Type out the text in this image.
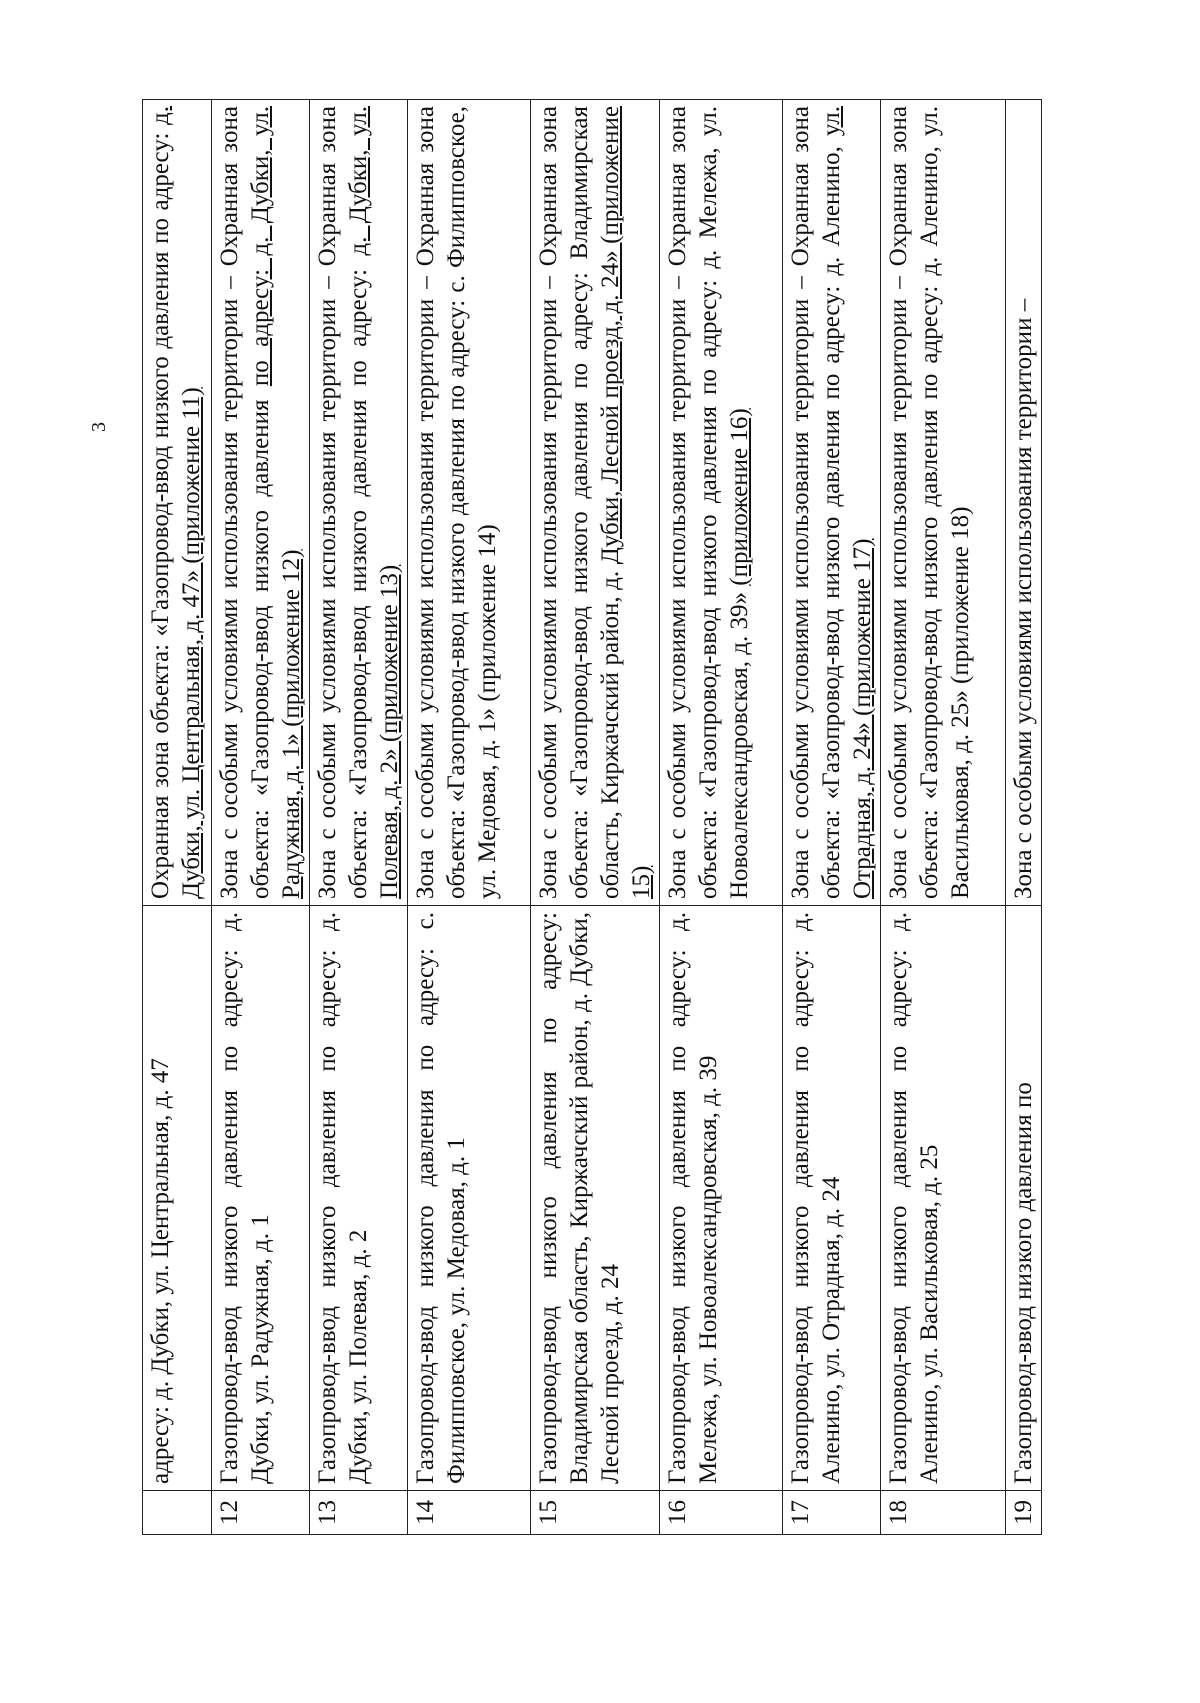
3
	адресу: д. Дубки, ул. Центральная, д. 47	Охранная зона объекта: «Газопровод-ввод низкого давления по адресу: д. Дубки, ул. Центральная, д. 47» (приложение 11)
12	Газопровод-ввод низкого давления по адресу: д. Дубки, ул. Радужная, д. 1	Зона с особыми условиями использования территории – Охранная зона объекта: «Газопровод-ввод низкого давления по адресу: д. Дубки, ул. Радужная, д. 1» (приложение 12)
13	Газопровод-ввод низкого давления по адресу: д. Дубки, ул. Полевая, д. 2	Зона с особыми условиями использования территории – Охранная зона объекта: «Газопровод-ввод низкого давления по адресу: д. Дубки, ул. Полевая, д. 2» (приложение 13)
14	Газопровод-ввод низкого давления по адресу: с. Филипповское, ул. Медовая, д. 1	Зона с особыми условиями использования территории – Охранная зона объекта: «Газопровод-ввод низкого давления по адресу: с. Филипповское, ул. Медовая, д. 1» (приложение 14)
15	Газопровод-ввод низкого давления по адресу: Владимирская область, Киржачский район, д. Дубки, Лесной проезд, д. 24	Зона с особыми условиями использования территории – Охранная зона объекта: «Газопровод-ввод низкого давления по адресу: Владимирская область, Киржачский район, д. Дубки, Лесной проезд, д. 24» (приложение 15)
16	Газопровод-ввод низкого давления по адресу: д. Мележа, ул. Новоалександровская, д. 39	Зона с особыми условиями использования территории – Охранная зона объекта: «Газопровод-ввод низкого давления по адресу: д. Мележа, ул. Новоалександровская, д. 39» (приложение 16)
17	Газопровод-ввод низкого давления по адресу: д. Аленино, ул. Отрадная, д. 24	Зона с особыми условиями использования территории – Охранная зона объекта: «Газопровод-ввод низкого давления по адресу: д. Аленино, ул. Отрадная, д. 24» (приложение 17)
18	Газопровод-ввод низкого давления по адресу: д. Аленино, ул. Васильковая, д. 25	Зона с особыми условиями использования территории – Охранная зона объекта: «Газопровод-ввод низкого давления по адресу: д. Аленино, ул. Васильковая, д. 25» (приложение 18)
19	Газопровод-ввод низкого давления по	Зона с особыми условиями использования территории –
